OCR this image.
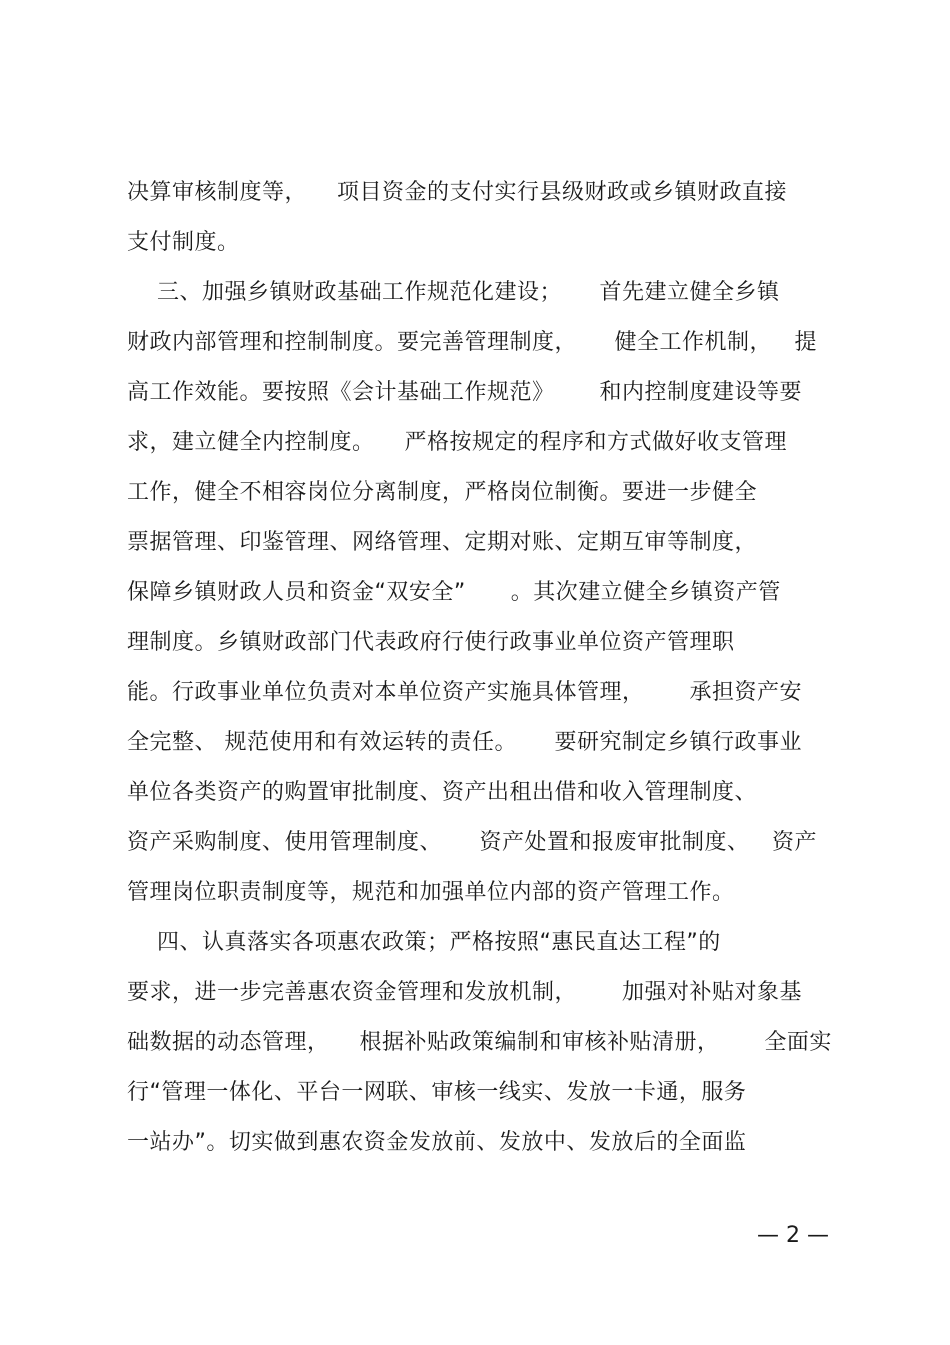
决算审核制度等，    项目资金的支付实行县级财政或乡镇财政直接
支付制度。
三、加强乡镇财政基础工作规范化建设；     首先建立健全乡镇
财政内部管理和控制制度。要完善管理制度，     健全工作机制，   提
高工作效能。要按照《会计基础工作规范》      和内控制度建设等要
求，建立健全内控制度。    严格按规定的程序和方式做好收支管理
工作，健全不相容岗位分离制度，严格岗位制衡。要进一步健全
票据管理、印鉴管理、网络管理、定期对账、定期互审等制度，
保障乡镇财政人员和资金“双安全”      。其次建立健全乡镇资产管
理制度。乡镇财政部门代表政府行使行政事业单位资产管理职
能。行政事业单位负责对本单位资产实施具体管理，      承担资产安
全完整、 规范使用和有效运转的责任。     要研究制定乡镇行政事业
单位各类资产的购置审批制度、资产出租出借和收入管理制度、
资产采购制度、使用管理制度、     资产处置和报废审批制度、   资产
管理岗位职责制度等，规范和加强单位内部的资产管理工作。
四、认真落实各项惠农政策；严格按照“惠民直达工程”的
要求，进一步完善惠农资金管理和发放机制，      加强对补贴对象基
础数据的动态管理，    根据补贴政策编制和审核补贴清册，      全面实
行“管理一体化、平台一网联、审核一线实、发放一卡通，服务
一站办”。切实做到惠农资金发放前、发放中、发放后的全面监
— 2 —
